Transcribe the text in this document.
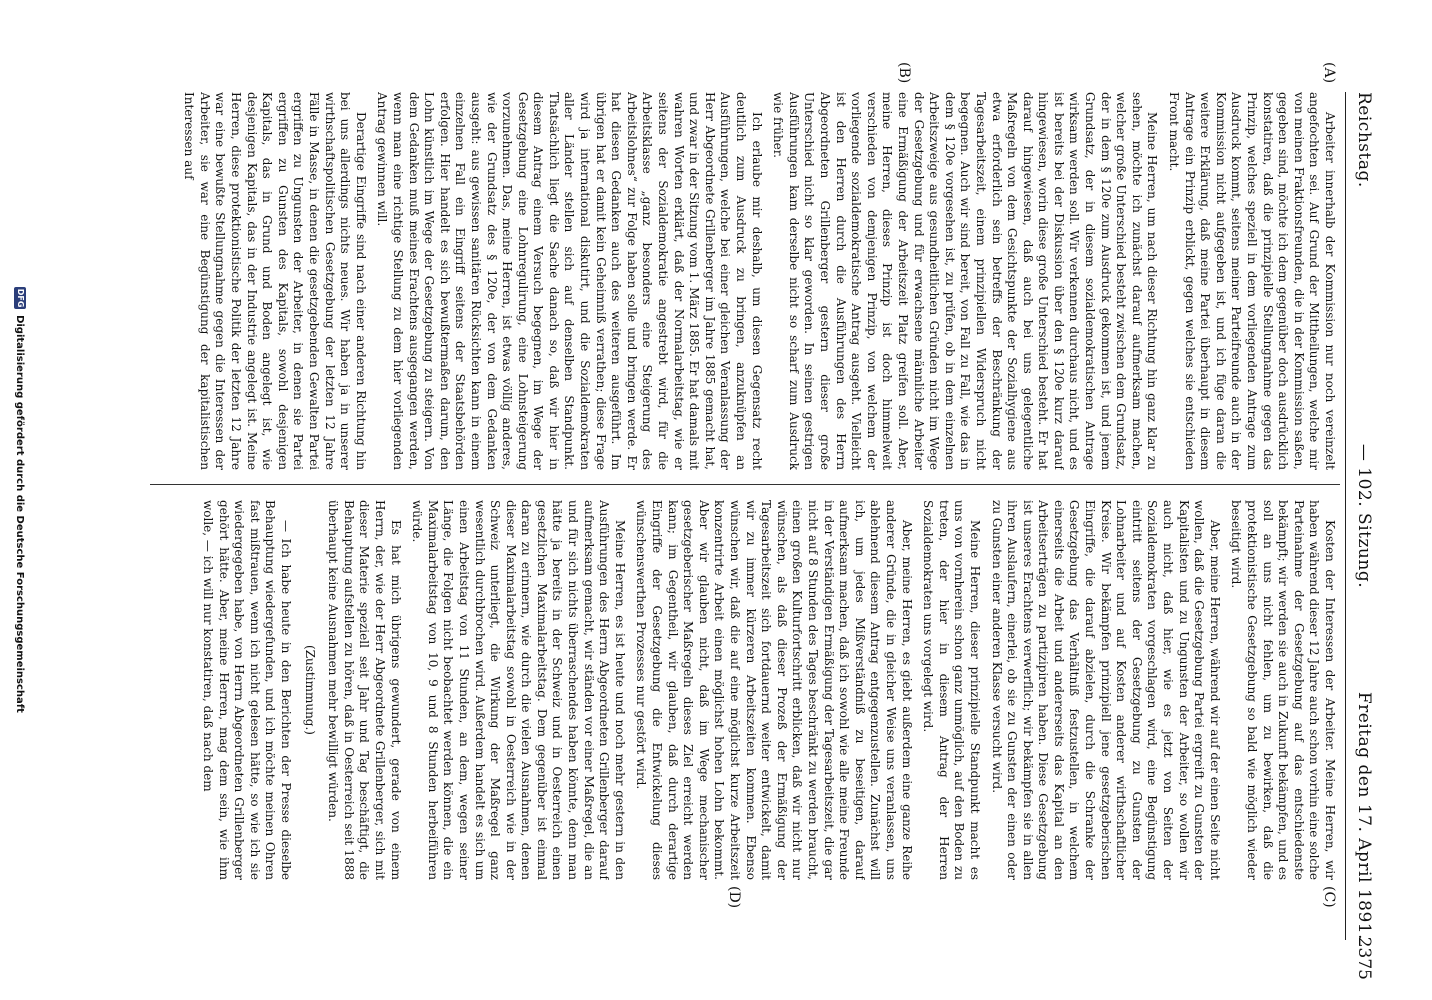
Reichstag.
— 102. Sitzung.
Freitag den 17. April 1891.
2375
(A)
(B)
(C)
(D)

Arbeiter innerhalb der Kommission nur noch vereinzelt angefochten sei. Auf Grund der Mittheilungen, welche mir von meinen Fraktionsfreunden, die in der Kommission saßen, gegeben sind, möchte ich dem gegenüber doch ausdrücklich konstatiren, daß die prinzipielle Stellungnahme gegen das Prinzip, welches speziell in dem vorliegenden Antrage zum Ausdruck kommt, seitens meiner Parteifreunde auch in der Kommission nicht aufgegeben ist, und ich füge daran die weitere Erklärung, daß meine Partei überhaupt in diesem Antrage ein Prinzip erblickt, gegen welches sie entschieden Front macht.

Meine Herren, um nach dieser Richtung hin ganz klar zu sehen, möchte ich zunächst darauf aufmerksam machen, welcher große Unterschied besteht zwischen dem Grundsatz, der in dem § 120e zum Ausdruck gekommen ist, und jenem Grundsatz, der in diesem sozialdemokratischen Antrage wirksam werden soll. Wir verkennen durchaus nicht, und es ist bereits bei der Diskussion über den § 120e kurz darauf hingewiesen, worin diese große Unterschied besteht. Er hat darauf hingewiesen, daß auch bei uns gelegentliche Maßregeln von dem Gesichtspunkte der Sozialhygiene aus etwa erforderlich sein betreffs der Beschränkung der Tagesarbeitszeit, einem prinzipiellen Widerspruch nicht begegnen. Auch wir sind bereit, von Fall zu Fall, wie das in dem § 120e vorgesehen ist, zu prüfen, ob in dem einzelnen Arbeitszweige aus gesundheitlichen Gründen nicht im Wege der Gesetzgebung und für erwachsene männliche Arbeiter eine Ermäßigung der Arbeitszeit Platz greifen soll. Aber, meine Herren, dieses Prinzip ist doch himmelweit verschieden von demjenigen Prinzip, von welchem der vorliegende sozialdemokratische Antrag ausgeht. Vielleicht ist den Herren durch die Ausführungen des Herrn Abgeordneten Grillenberger gestern dieser große Unterschied nicht so klar geworden. In seinen gestrigen Ausführungen kam derselbe nicht so scharf zum Ausdruck wie früher.

Ich erlaube mir deshalb, um diesen Gegensatz recht deutlich zum Ausdruck zu bringen, anzuknüpfen an Ausführungen, welche bei einer gleichen Veranlassung der Herr Abgeordnete Grillenberger im Jahre 1885 gemacht hat, und zwar in der Sitzung vom 1. März 1885. Er hat damals mit wahren Worten erklärt, daß der Normalarbeitstag, wie er seitens der Sozialdemokratie angestrebt wird, für die Arbeitsklasse „ganz besonders eine Steigerung des Arbeitslohnes“ zur Folge haben solle und bringen werde. Er hat diesen Gedanken auch des weiteren ausgeführt. Im übrigen hat er damit kein Geheimniß verrathen; diese Frage wird ja international diskutirt, und die Sozialdemokraten aller Länder stellen sich auf denselben Standpunkt. Thatsächlich liegt die Sache danach so, daß wir hier in diesem Antrag einem Versuch begegnen, im Wege der Gesetzgebung eine Lohnregulirung, eine Lohnsteigerung vorzunehmen. Das, meine Herren, ist etwas völlig anderes, wie der Grundsatz des § 120e, der von dem Gedanken ausgeht: aus gewissen sanitären Rücksichten kann in einem einzelnen Fall ein Eingriff seitens der Staatsbehörden erfolgen. Hier handelt es sich bewußtermaßen darum, den Lohn künstlich im Wege der Gesetzgebung zu steigern. Von dem Gedanken muß meines Erachtens ausgegangen werden, wenn man eine richtige Stellung zu dem hier vorliegenden Antrag gewinnen will.

Derartige Eingriffe sind nach einer anderen Richtung hin bei uns allerdings nichts neues. Wir haben ja in unserer wirthschaftspolitischen Gesetzgebung der letzten 12 Jahre Fälle in Masse, in denen die gesetzgebenden Gewalten Partei ergriffen zu Ungunsten der Arbeiter, in denen sie Partei ergriffen zu Gunsten des Kapitals, sowohl desjenigen Kapitals, das in Grund und Boden angelegt ist, wie desjenigen Kapitals, das in der Industrie angelegt ist. Meine Herren, diese protektionistische Politik der letzten 12 Jahre war eine bewußte Stellungnahme gegen die Interessen der Arbeiter, sie war eine Begünstigung der kapitalistischen Interessen auf

Kosten der Interessen der Arbeiter. Meine Herren, wir haben während dieser 12 Jahre auch schon vorhin eine solche Parteinahme der Gesetzgebung auf das entschiedenste bekämpft; wir werden sie auch in Zukunft bekämpfen, und es soll an uns nicht fehlen, um zu bewirken, daß die protektionistische Gesetzgebung so bald wie möglich wieder beseitigt wird.

Aber, meine Herren, während wir auf der einen Seite nicht wollen, daß die Gesetzgebung Partei ergreift zu Gunsten der Kapitalisten und zu Ungunsten der Arbeiter, so wollen wir auch nicht, daß hier, wie es jetzt von Seiten der Sozialdemokraten vorgeschlagen wird, eine Begünstigung eintritt seitens der Gesetzgebung zu Gunsten der Lohnarbeiter und auf Kosten anderer wirthschaftlicher Kreise. Wir bekämpfen prinzipiell jene gesetzgeberischen Eingriffe, die darauf abzielen, durch die Schranke der Gesetzgebung das Verhältniß festzustellen, in welchem einerseits die Arbeit und andererseits das Kapital an den Arbeitserträgen zu partizipiren haben. Diese Gesetzgebung ist unseres Erachtens verwerflich; wir bekämpfen sie in allen ihren Auslaufern, einerlei, ob sie zu Gunsten der einen oder zu Gunsten einer anderen Klasse versucht wird.

Meine Herren, dieser prinzipielle Standpunkt macht es uns von vornherein schon ganz unmöglich, auf den Boden zu treten, der hier in diesem Antrag der Herren Sozialdemokraten uns vorgelegt wird.

Aber, meine Herren, es giebt außerdem eine ganze Reihe anderer Gründe, die in gleicher Weise uns veranlassen, uns ablehnend diesem Antrag entgegenzustellen. Zunächst will ich, um jedes Mißverständniß zu beseitigen, darauf aufmerksam machen, daß ich sowohl wie alle meine Freunde in der Verständigen Ermäßigung der Tagesarbeitszeit, die gar nicht auf 8 Stunden des Tages beschränkt zu werden braucht, einen großen Kulturfortschritt erblicken, daß wir nicht nur wünschen, als daß dieser Prozeß der Ermäßigung der Tagesarbeitszeit sich fortdauernd weiter entwickelt, damit wir zu immer kürzeren Arbeitszeiten kommen. Ebenso wünschen wir, daß die auf eine möglichst kurze Arbeitszeit konzentrirte Arbeit einen möglichst hohen Lohn bekommt. Aber wir glauben nicht, daß im Wege mechanischer gesetzgeberischer Maßregeln dieses Ziel erreicht werden kann; im Gegentheil, wir glauben, daß durch derartige Eingriffe der Gesetzgebung die Entwickelung dieses wünschenswerthen Prozesses nur gestört wird.

Meine Herren, es ist heute und noch mehr gestern in den Ausführungen des Herrn Abgeordneten Grillenberger darauf aufmerksam gemacht, wir ständen vor einer Maßregel, die an und für sich nichts überraschendes haben könnte, denn man hätte ja bereits in der Schweiz und in Oesterreich einen gesetzlichen Maximalarbeitstag. Dem gegenüber ist einmal daran zu erinnern, wie durch die vielen Ausnahmen, denen dieser Maximalarbeitstag sowohl in Oesterreich wie in der Schweiz unterliegt, die Wirkung der Maßregel ganz wesentlich durchbrochen wird. Außerdem handelt es sich um einen Arbeitstag von 11 Stunden, an dem, wegen seiner Länge, die Folgen nicht beobachtet werden können, die ein Maximalarbeitstag von 10, 9 und 8 Stunden herbeiführen würde.

Es hat mich übrigens gewundert, gerade von einem Herrn, der, wie der Herr Abgeordnete Grillenberger, sich mit dieser Materie speziell seit Jahr und Tag beschäftigt, die Behauptung aufstellen zu hören, daß in Oesterreich seit 1888 überhaupt keine Ausnahmen mehr bewilligt würden.

(Zustimmung.)

— Ich habe heute in den Berichten der Presse dieselbe Behauptung wiedergefunden, und ich möchte meinen Ohren fast mißtrauen, wenn ich nicht gelesen hätte, so wie ich sie wiedergegeben habe, von Herrn Abgeordneten Grillenberger gehört hätte. Aber, meine Herren, mag dem sein, wie ihm wolle, — ich will nur konstatiren, daß nach dem

DFG
Digitalisierung gefördert durch die Deutsche Forschungsgemeinschaft
